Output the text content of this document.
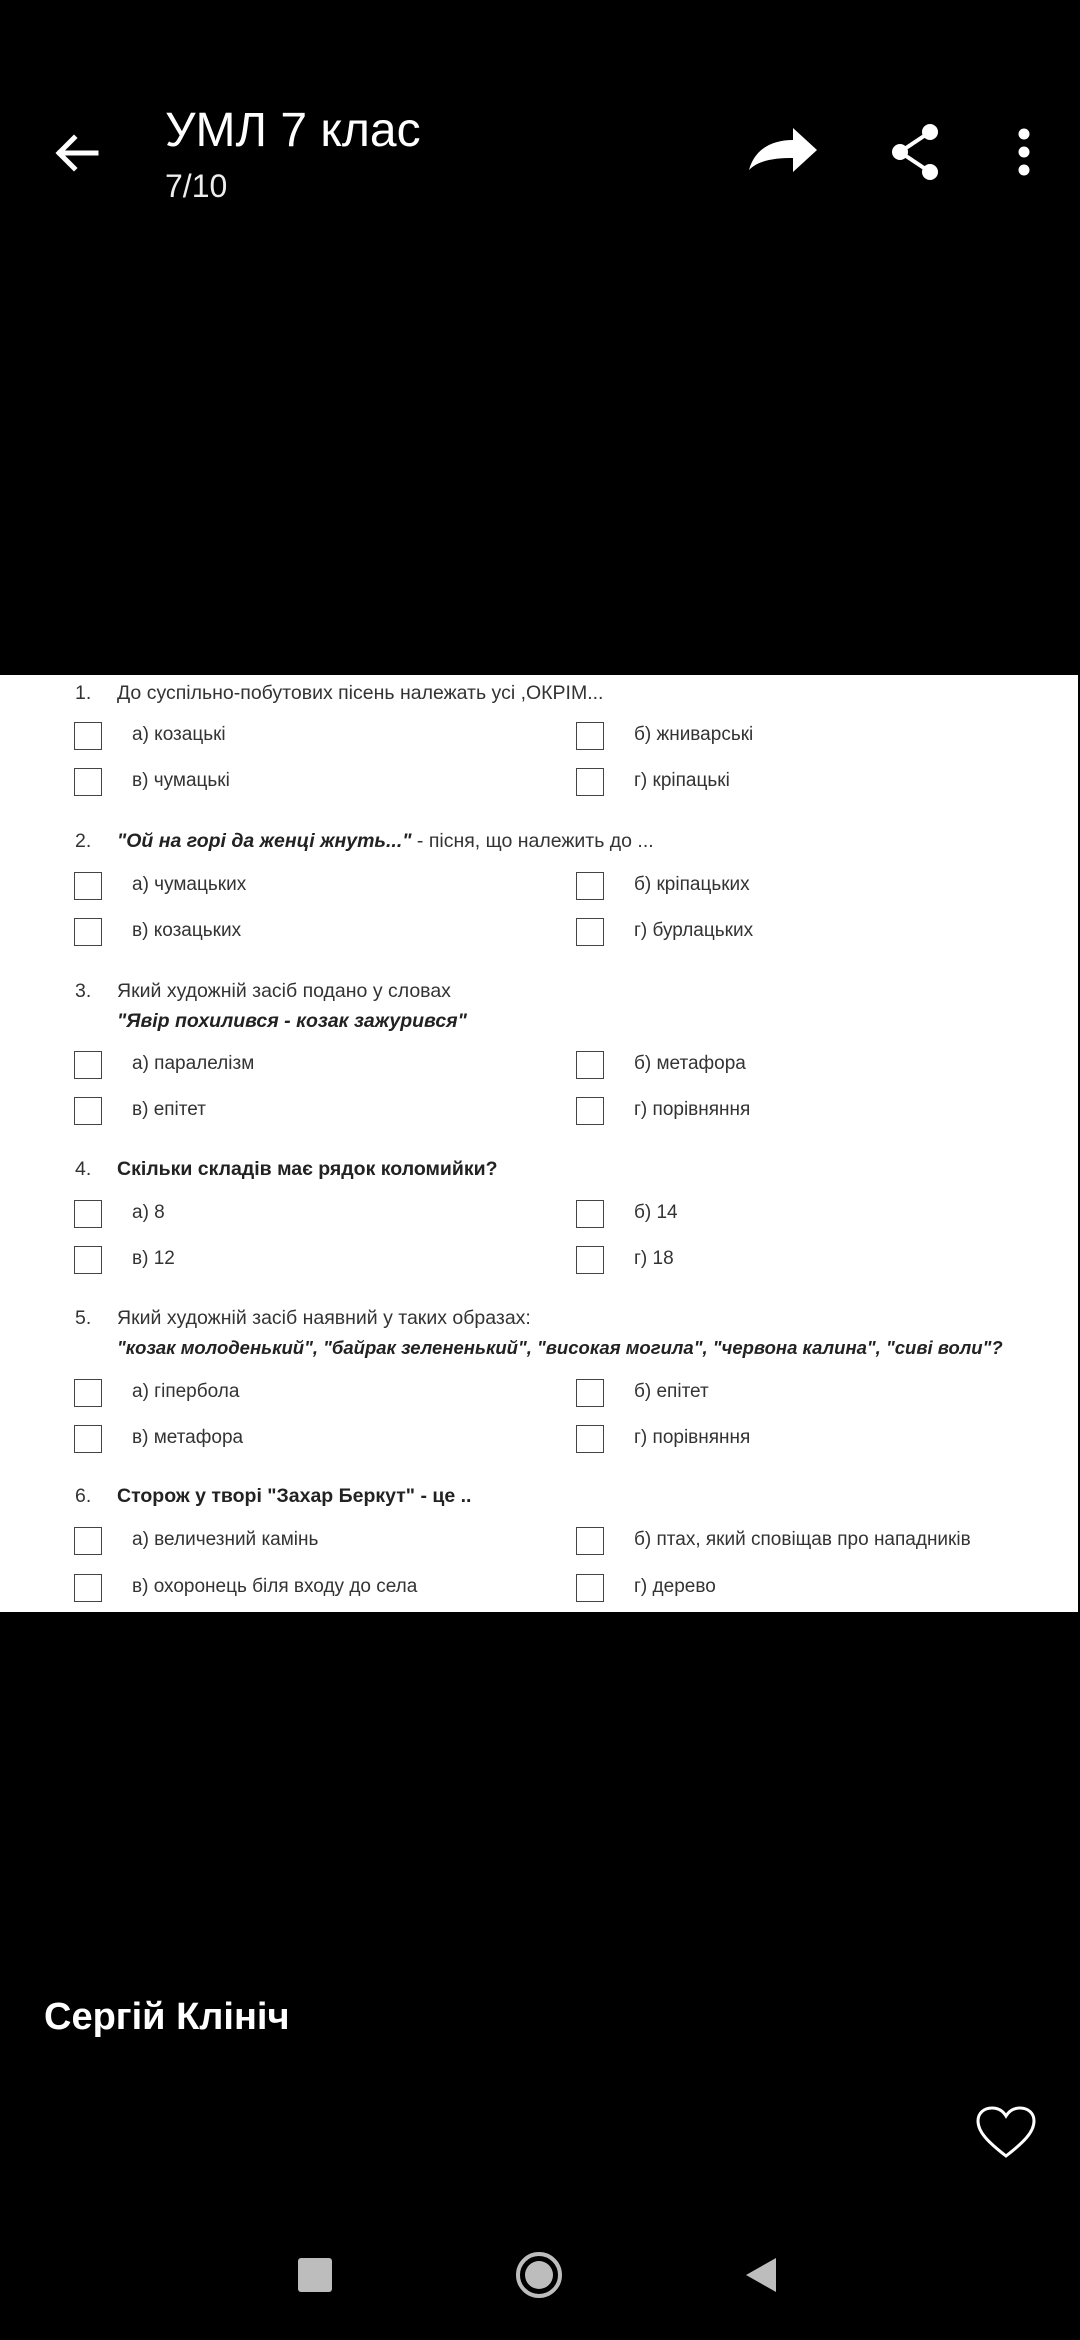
УМЛ 7 клас
7/10
1. До суспільно-побутових пісень належать усі ,ОКРІМ...
а) козацькі	б) жниварські
в) чумацькі	г) кріпацькі
2. "Ой на горі да женці жнуть..." - пісня, що належить до ...
а) чумацьких	б) кріпацьких
в) козацьких	г) бурлацьких
3. Який художній засіб подано у словах
"Явір похилився - козак зажурився"
а) паралелізм	б) метафора
в) епітет	г) порівняння
4. Скільки складів має рядок коломийки?
а) 8	б) 14
в) 12	г) 18
5. Який художній засіб наявний у таких образах:
"козак молоденький", "байрак зелененький", "високая могила", "червона калина", "сиві воли"?
а) гіпербола	б) епітет
в) метафора	г) порівняння
6. Сторож у творі "Захар Беркут" - це ..
а) величезний камінь	б) птах, який сповіщав про нападників
в) охоронець біля входу до села	г) дерево
Сергій Клініч
